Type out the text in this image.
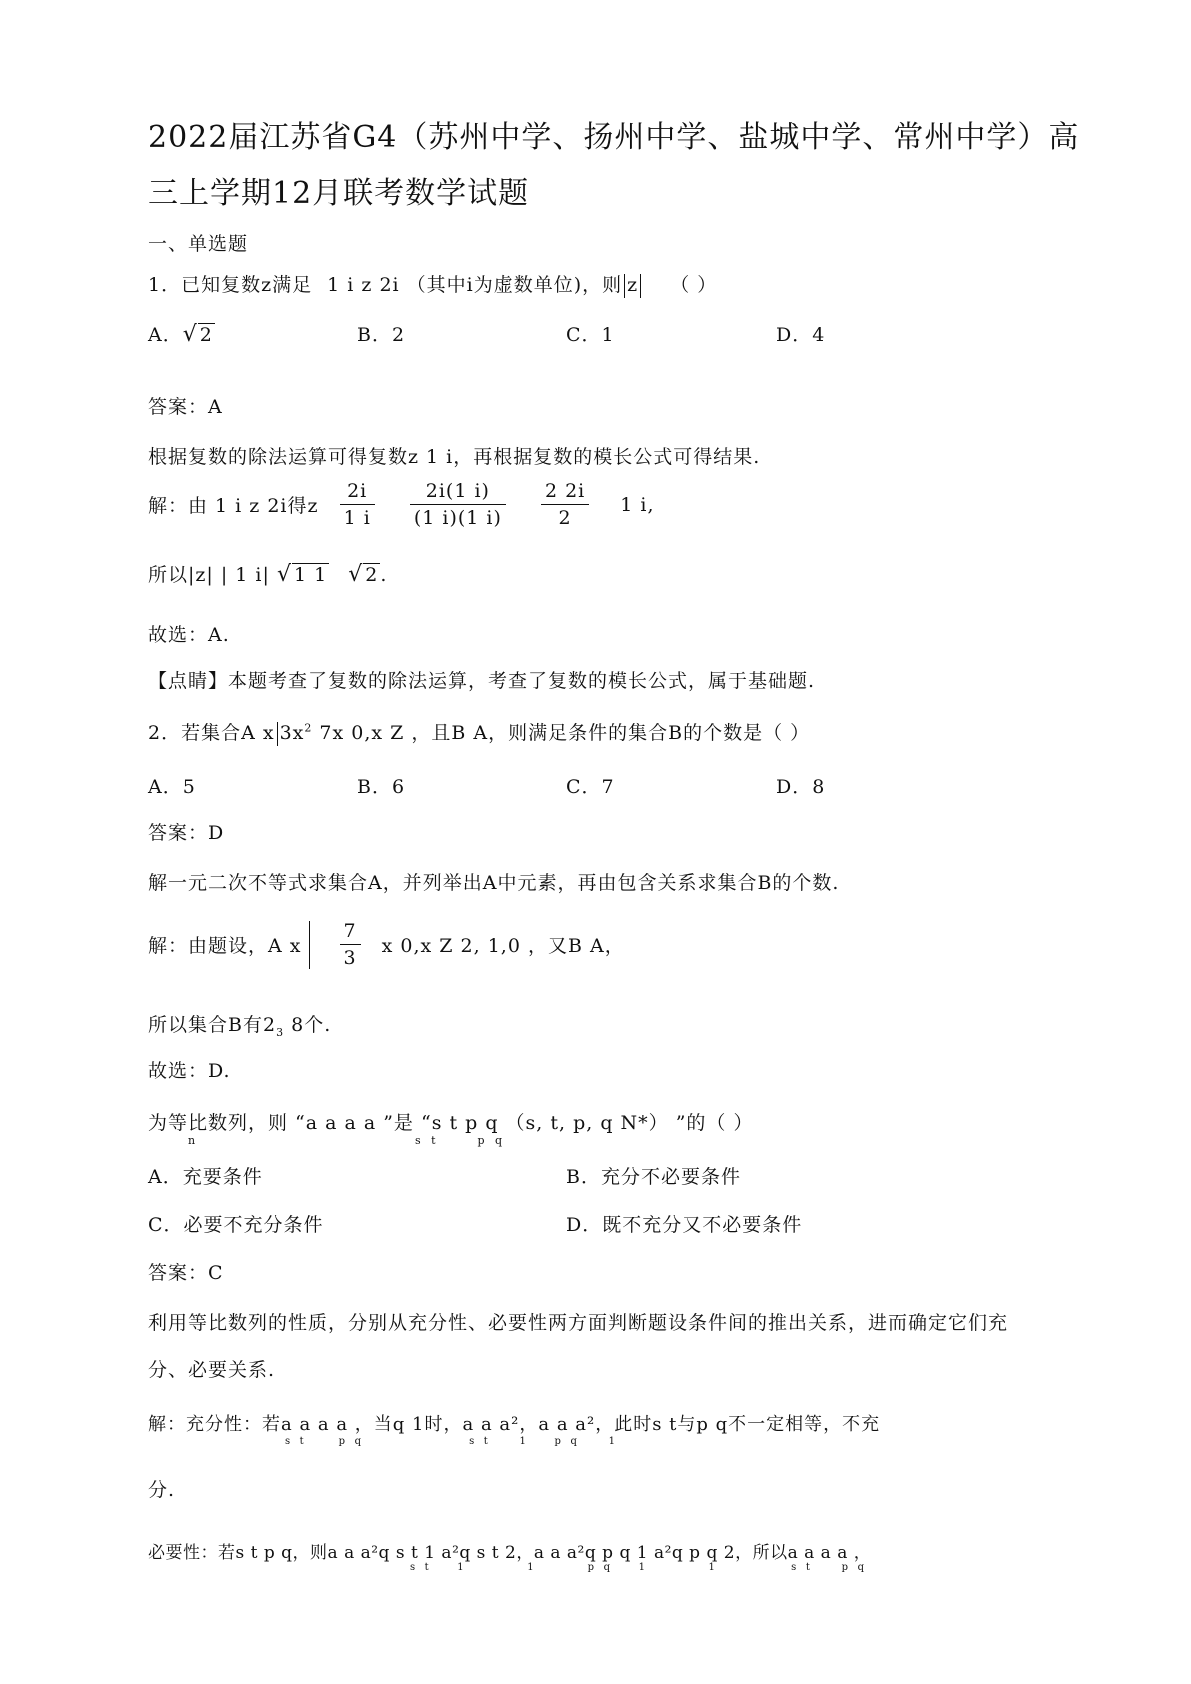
2022届江苏省G4（苏州中学、扬州中学、盐城中学、常州中学）高
三上学期12月联考数学试题
一、单选题
1．已知复数z满足 1 i z 2i （其中i为虚数单位)，则 z （ ）
A．√ 2	B．2	C．1	D．4
答案：A
根据复数的除法运算可得复数z 1 i，再根据复数的模长公式可得结果.
解：由 1 i z 2i得z $\frac{2i}{1 i}$
$\frac{2i(1 i)}{(1 i)(1 i)}$
$\frac{2 2i}{2} 1$ i,
所以|z| | 1 i| √ 1 1 √ 2 .
故选：A.
【点睛】本题考查了复数的除法运算，考查了复数的模长公式，属于基础题.
2．若集合A x $3x^2$ 7x 0,x Z ，且B A，则满足条件的集合B的个数是（ ）
A．5	B．6	C．7	D．8
答案：D
解一元二次不等式求集合A，并列举出A中元素，再由包含关系求集合B的个数.
解：由题设，A x $\frac{7}{3}$ x 0,x Z 2, 1,0 ，又B A，
所以集合B有$2_3$ 8个.
故选：D.
为等比数列，则 “a a a a ”是 “s t p q （s, t, p, q N*） ”的（ ）
n	s   t            p   q
A．充要条件	B．充分不必要条件
C．必要不充分条件	D．既不充分又不必要条件
答案：C
利用等比数列的性质，分别从充分性、必要性两方面判断题设条件间的推出关系，进而确定它们充
分、必要关系.
解：充分性：若a a a a ，当q 1时，a a a²，a a a²，此时s t与p q不一定相等，不充
s   t           p   q                                  s   t          1         p   q          1
分.
必要性：若s t p q，则a a a²q s t 1 a²q s t 2，a a a²q p q 1 a²q p q 2，所以a a a a ，
s   t         1                    1                 p   q         1                    1                        s   t          p   q
